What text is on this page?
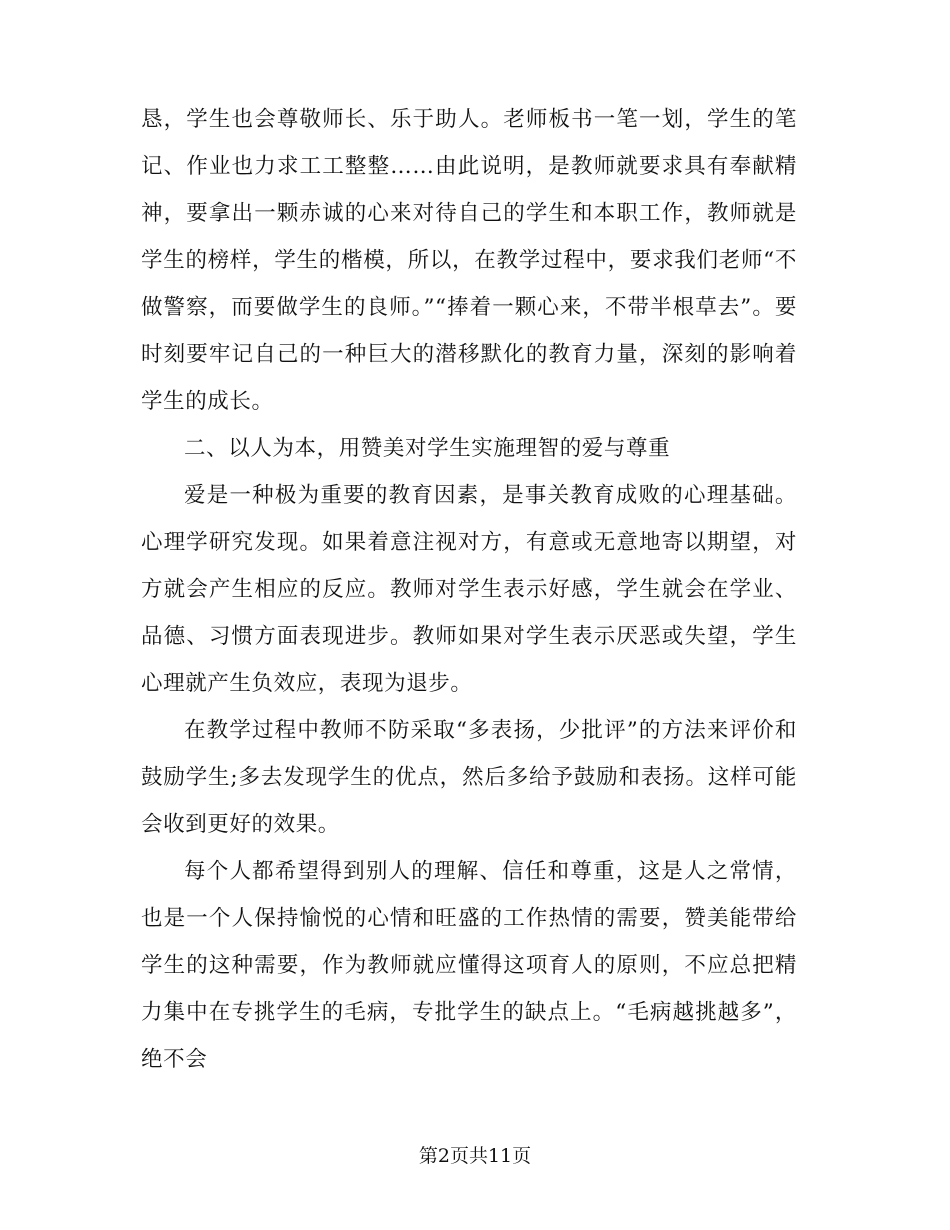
恳，学生也会尊敬师长、乐于助人。老师板书一笔一划，学生的笔记、作业也力求工工整整……由此说明，是教师就要求具有奉献精神，要拿出一颗赤诚的心来对待自己的学生和本职工作，教师就是学生的榜样，学生的楷模，所以，在教学过程中，要求我们老师“不做警察，而要做学生的良师。”“捧着一颗心来，不带半根草去”。要时刻要牢记自己的一种巨大的潜移默化的教育力量，深刻的影响着学生的成长。

二、以人为本，用赞美对学生实施理智的爱与尊重

爱是一种极为重要的教育因素，是事关教育成败的心理基础。心理学研究发现。如果着意注视对方，有意或无意地寄以期望，对方就会产生相应的反应。教师对学生表示好感，学生就会在学业、品德、习惯方面表现进步。教师如果对学生表示厌恶或失望，学生心理就产生负效应，表现为退步。

在教学过程中教师不防采取“多表扬，少批评”的方法来评价和鼓励学生;多去发现学生的优点，然后多给予鼓励和表扬。这样可能会收到更好的效果。

每个人都希望得到别人的理解、信任和尊重，这是人之常情，也是一个人保持愉悦的心情和旺盛的工作热情的需要，赞美能带给学生的这种需要，作为教师就应懂得这项育人的原则，不应总把精力集中在专挑学生的毛病，专批学生的缺点上。“毛病越挑越多”，绝不会

第2页共11页
